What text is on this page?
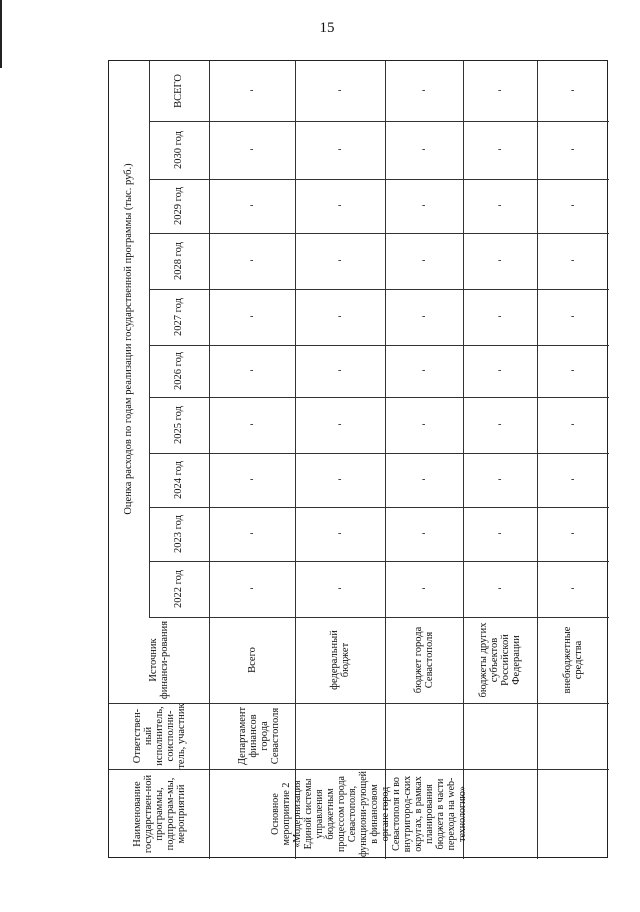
15
Оценка расходов по годам реализации государственной программы (тыс. руб.)
2022 год
2023 год
2024 год
2025 год
2026 год
2027 год
2028 год
2029 год
2030 год
ВСЕГО
-
-
-
-
-
-
-
-
-
-
Всего
-
-
-
-
-
-
-
-
-
-
федеральный бюджет
-
-
-
-
-
-
-
-
-
-
бюджет города Севастополя
-
-
-
-
-
-
-
-
-
-
бюджеты других субъектов Российской Федерации
-
-
-
-
-
-
-
-
-
-
внебюджетные средства
Источник финанси-рования
Ответствен-ный исполнитель, соисполни-тель, участник
Наименование государствен-ной программы, подпрограм-мы, мероприятий
Департамент финансов города Севастополя
Основное мероприятие 2 «Модернизация Единой системы управления бюджетным процессом города Севастополя, функциони-рующей в финансовом органе город Севастополя и во внутригород-ских округах, в рамках планирования бюджета в части перехода на web-технологию»
